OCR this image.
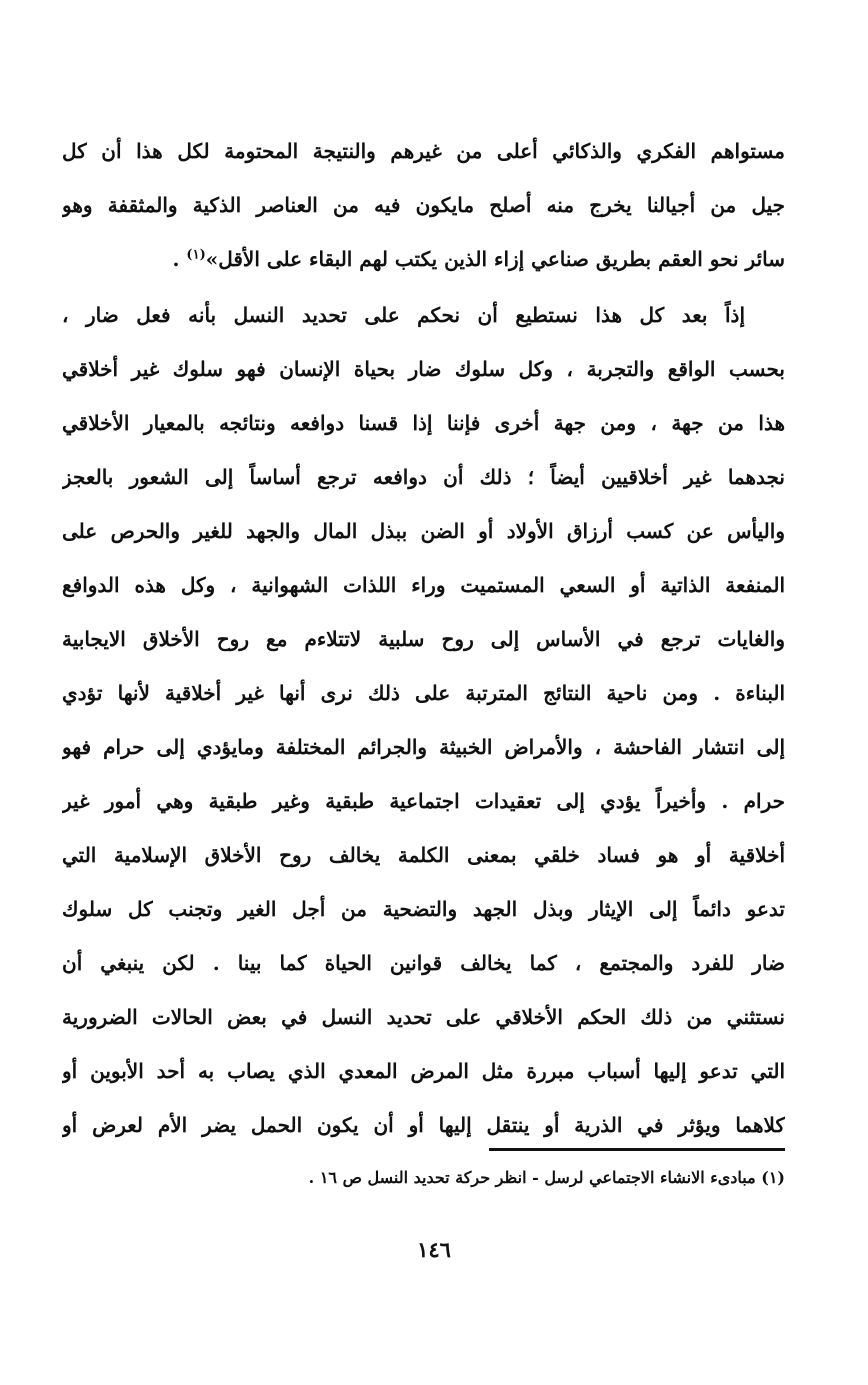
مستواهم الفكري والذكائي أعلى من غيرهم والنتيجة المحتومة لكل هذا أن كل
جيل من أجيالنا يخرج منه أصلح مايكون فيه من العناصر الذكية والمثقفة وهو
سائر نحو العقم بطريق صناعي إزاء الذين يكتب لهم البقاء على الأقل»$^{(١)}$ .
إذاً بعد كل هذا نستطيع أن نحكم على تحديد النسل بأنه فعل ضار ،
بحسب الواقع والتجربة ، وكل سلوك ضار بحياة الإنسان فهو سلوك غير أخلاقي
هذا من جهة ، ومن جهة أخرى فإننا إذا قسنا دوافعه ونتائجه بالمعيار الأخلاقي
نجدهما غير أخلاقيين أيضاً ؛ ذلك أن دوافعه ترجع أساساً إلى الشعور بالعجز
واليأس عن كسب أرزاق الأولاد أو الضن ببذل المال والجهد للغير والحرص على
المنفعة الذاتية أو السعي المستميت وراء اللذات الشهوانية ، وكل هذه الدوافع
والغايات ترجع في الأساس إلى روح سلبية لاتتلاءم مع روح الأخلاق الايجابية
البناءة . ومن ناحية النتائج المترتبة على ذلك نرى أنها غير أخلاقية لأنها تؤدي
إلى انتشار الفاحشة ، والأمراض الخبيثة والجرائم المختلفة ومايؤدي إلى حرام فهو
حرام . وأخيراً يؤدي إلى تعقيدات اجتماعية طبقية وغير طبقية وهي أمور غير
أخلاقية أو هو فساد خلقي بمعنى الكلمة يخالف روح الأخلاق الإسلامية التي
تدعو دائماً إلى الإيثار وبذل الجهد والتضحية من أجل الغير وتجنب كل سلوك
ضار للفرد والمجتمع ، كما يخالف قوانين الحياة كما بينا . لكن ينبغي أن
نستثني من ذلك الحكم الأخلاقي على تحديد النسل في بعض الحالات الضرورية
التي تدعو إليها أسباب مبررة مثل المرض المعدي الذي يصاب به أحد الأبوين أو
كلاهما ويؤثر في الذرية أو ينتقل إليها أو أن يكون الحمل يضر الأم لعرض أو
(١) مبادىء الانشاء الاجتماعي لرسل - انظر حركة تحديد النسل ص ١٦ .
١٤٦
